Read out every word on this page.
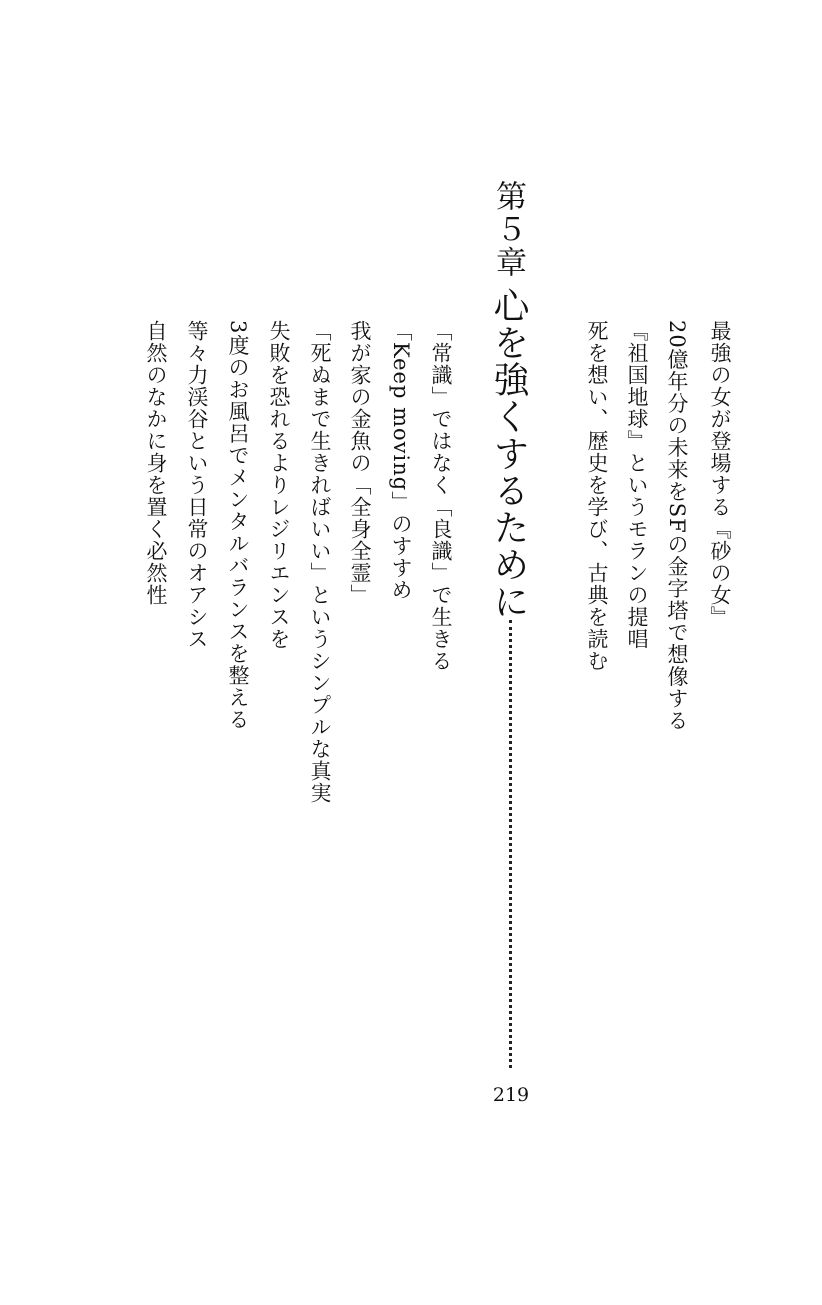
最強の女が登場する『砂の女』
20億年分の未来をSFの金字塔で想像する
『祖国地球』というモランの提唱
死を想い、歴史を学び、古典を読む
第５章
心を強くするために
219
「常識」ではなく「良識」で生きる
「Keep moving」のすすめ
我が家の金魚の「全身全霊」
「死ぬまで生きればいい」というシンプルな真実
失敗を恐れるよりレジリエンスを
3度のお風呂でメンタルバランスを整える
等々力渓谷という日常のオアシス
自然のなかに身を置く必然性
